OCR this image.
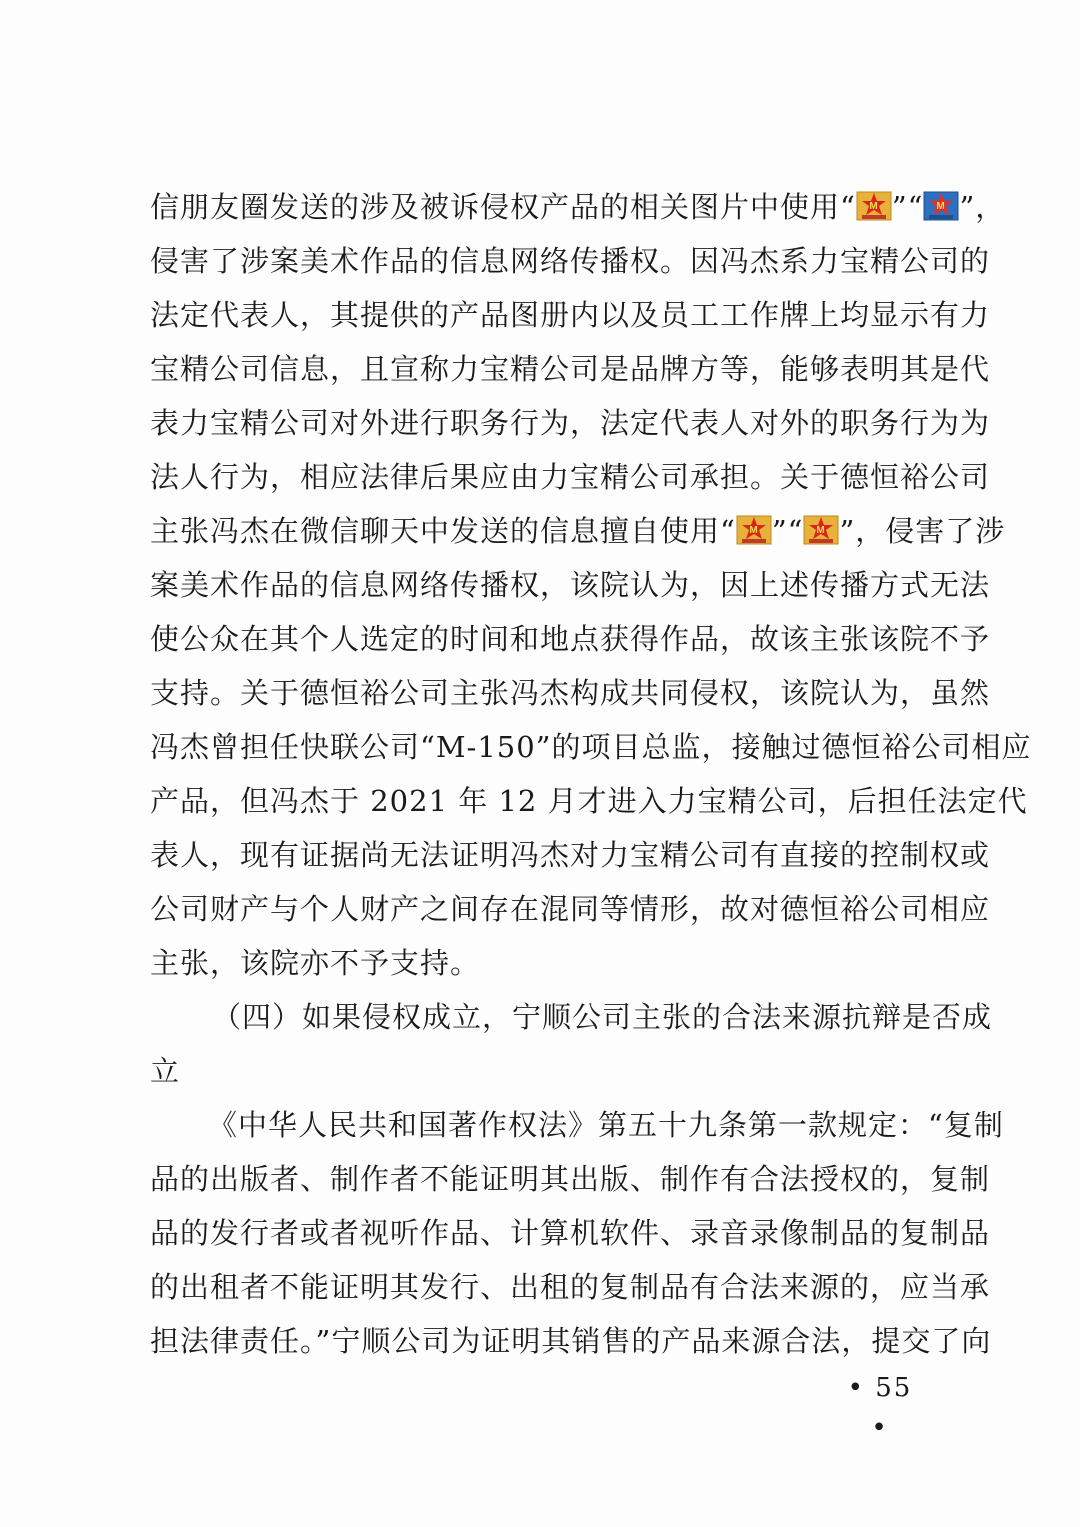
信朋友圈发送的涉及被诉侵权产品的相关图片中使用“ M ”“ M ”，
侵害了涉案美术作品的信息网络传播权。因冯杰系力宝精公司的
法定代表人，其提供的产品图册内以及员工工作牌上均显示有力
宝精公司信息，且宣称力宝精公司是品牌方等，能够表明其是代
表力宝精公司对外进行职务行为，法定代表人对外的职务行为为
法人行为，相应法律后果应由力宝精公司承担。关于德恒裕公司
主张冯杰在微信聊天中发送的信息擅自使用“ M ”“ M ”，侵害了涉
案美术作品的信息网络传播权，该院认为，因上述传播方式无法
使公众在其个人选定的时间和地点获得作品，故该主张该院不予
支持。关于德恒裕公司主张冯杰构成共同侵权，该院认为，虽然
冯杰曾担任快联公司“M-150”的项目总监，接触过德恒裕公司相应
产品，但冯杰于 2021 年 12 月才进入力宝精公司，后担任法定代
表人，现有证据尚无法证明冯杰对力宝精公司有直接的控制权或
公司财产与个人财产之间存在混同等情形，故对德恒裕公司相应
主张，该院亦不予支持。
（四）如果侵权成立，宁顺公司主张的合法来源抗辩是否成
立
《中华人民共和国著作权法》第五十九条第一款规定：“复制
品的出版者、制作者不能证明其出版、制作有合法授权的，复制
品的发行者或者视听作品、计算机软件、录音录像制品的复制品
的出租者不能证明其发行、出租的复制品有合法来源的，应当承
担法律责任。”宁顺公司为证明其销售的产品来源合法，提交了向
• 55 •
